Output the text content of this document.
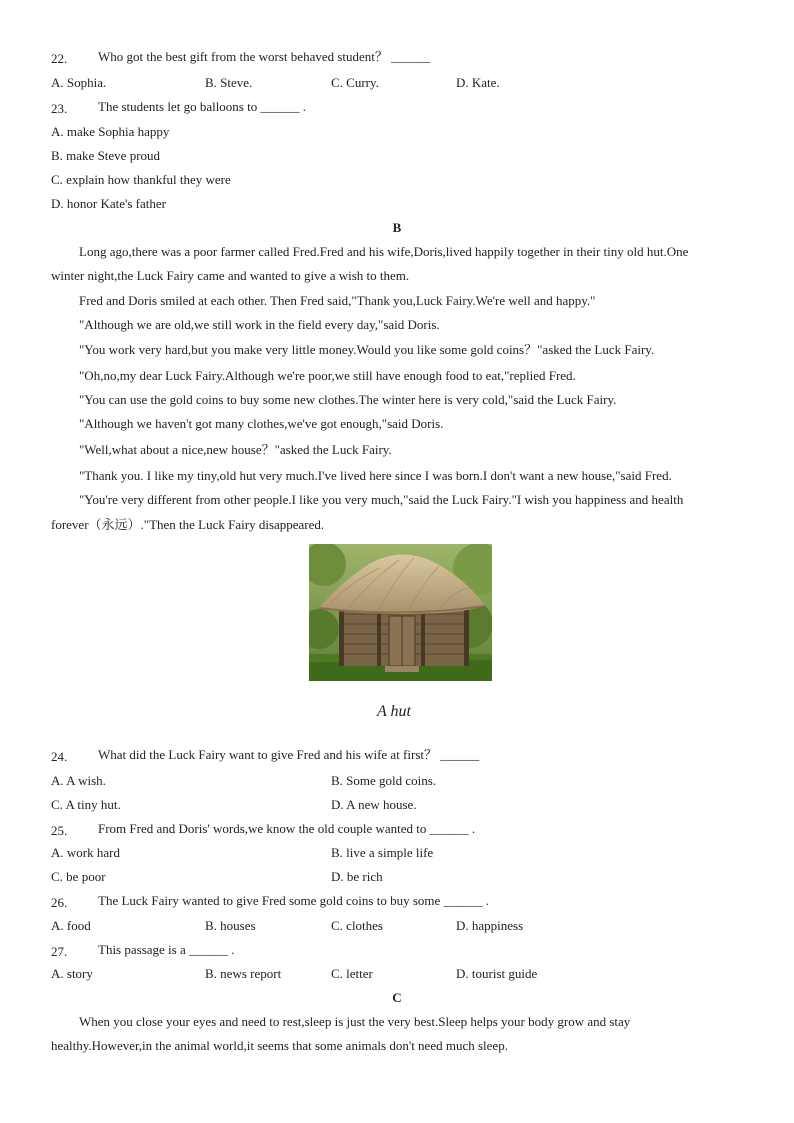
22. Who got the best gift from the worst behaved student？ ______
A. Sophia.	B. Steve.	C. Curry.	D. Kate.
23. The students let go balloons to ______ .
A. make Sophia happy
B. make Steve proud
C. explain how thankful they were
D. honor Kate's father
B
Long ago,there was a poor farmer called Fred.Fred and his wife,Doris,lived happily together in their tiny old hut.One
winter night,the Luck Fairy came and wanted to give a wish to them.
Fred and Doris smiled at each other. Then Fred said,"Thank you,Luck Fairy.We're well and happy."
"Although we are old,we still work in the field every day,"said Doris.
"You work very hard,but you make very little money.Would you like some gold coins？"asked the Luck Fairy.
"Oh,no,my dear Luck Fairy.Although we're poor,we still have enough food to eat,"replied Fred.
"You can use the gold coins to buy some new clothes.The winter here is very cold,"said the Luck Fairy.
"Although we haven't got many clothes,we've got enough,"said Doris.
"Well,what about a nice,new house？"asked the Luck Fairy.
"Thank you. I like my tiny,old hut very much.I've lived here since I was born.I don't want a new house,"said Fred.
"You're very different from other people.I like you very much,"said the Luck Fairy."I wish you happiness and health
forever（永远）."Then the Luck Fairy disappeared.
A hut
24. What did the Luck Fairy want to give Fred and his wife at first？ ______
A. A wish.	B. Some gold coins.
C. A tiny hut.	D. A new house.
25. From Fred and Doris' words,we know the old couple wanted to ______ .
A. work hard	B. live a simple life
C. be poor	D. be rich
26. The Luck Fairy wanted to give Fred some gold coins to buy some ______ .
A. food	B. houses	C. clothes	D. happiness
27. This passage is a ______ .
A. story	B. news report	C. letter	D. tourist guide
C
When you close your eyes and need to rest,sleep is just the very best.Sleep helps your body grow and stay
healthy.However,in the animal world,it seems that some animals don't need much sleep.
